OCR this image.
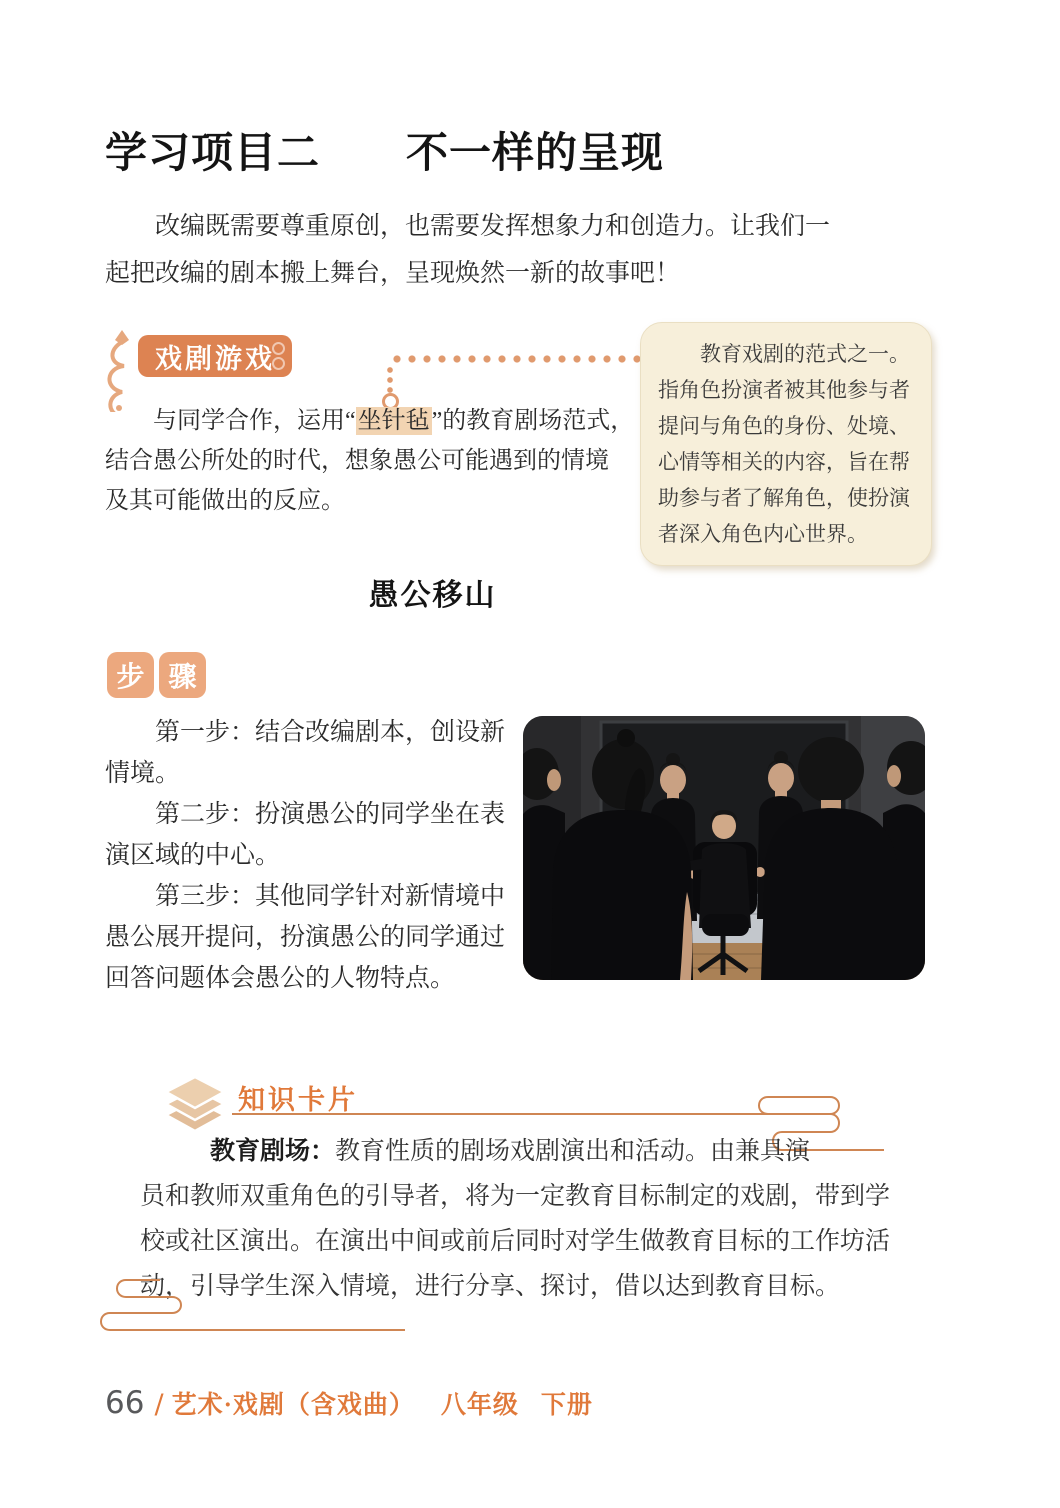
学习项目二　　不一样的呈现
改编既需要尊重原创，也需要发挥想象力和创造力。让我们一
起把改编的剧本搬上舞台，呈现焕然一新的故事吧！
戏剧游戏	教育戏剧的范式之一。
指角色扮演者被其他参与者
提问与角色的身份、处境、
心情等相关的内容，旨在帮
助参与者了解角色，使扮演
者深入角色内心世界。
与同学合作，运用“坐针毡”的教育剧场范式，
结合愚公所处的时代，想象愚公可能遇到的情境
及其可能做出的反应。
愚公移山
步 骤
第一步：结合改编剧本，创设新
情境。
第二步：扮演愚公的同学坐在表
演区域的中心。
第三步：其他同学针对新情境中
愚公展开提问，扮演愚公的同学通过
回答问题体会愚公的人物特点。
知识卡片
教育剧场：教育性质的剧场戏剧演出和活动。由兼具演
员和教师双重角色的引导者，将为一定教育目标制定的戏剧，带到学
校或社区演出。在演出中间或前后同时对学生做教育目标的工作坊活
动，引导学生深入情境，进行分享、探讨，借以达到教育目标。
66 / 艺术·戏剧（含戏曲） 八年级 下册
